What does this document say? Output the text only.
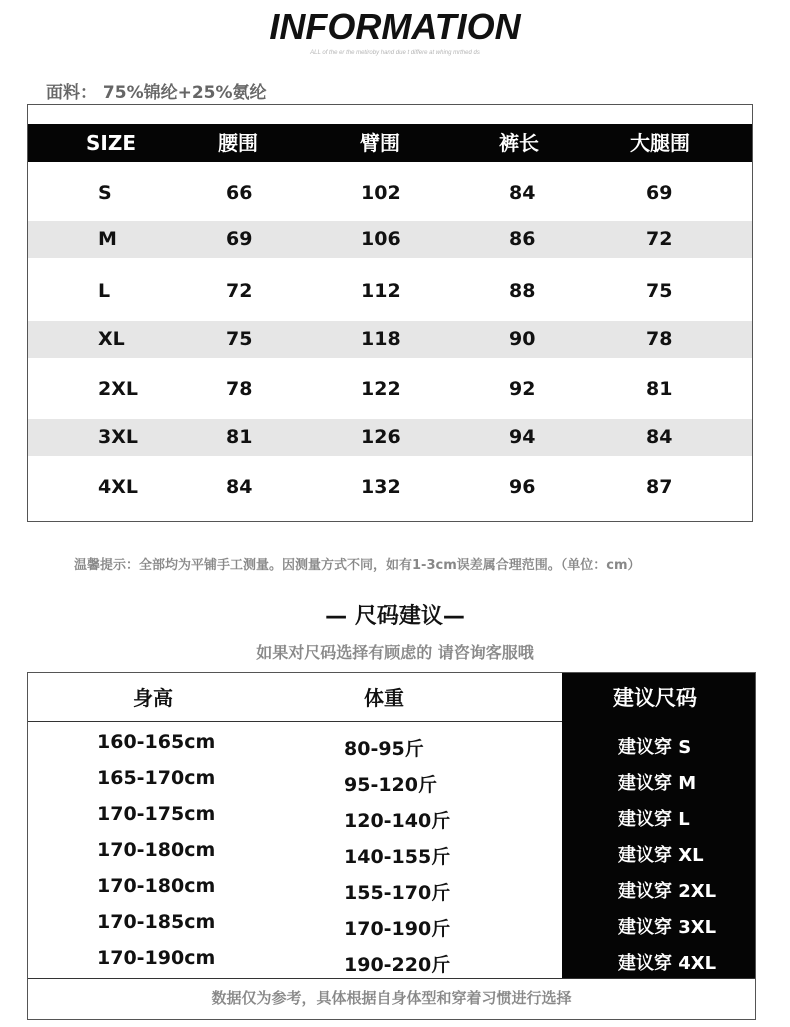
INFORMATION
ALL of the er the metiroby hand due t differe at whing mrthed ds
面料： 75%锦纶+25%氨纶
SIZE	腰围	臂围	裤长	大腿围
S	66	102	84	69
M	69	106	86	72
L	72	112	88	75
XL	75	118	90	78
2XL	78	122	92	81
3XL	81	126	94	84
4XL	84	132	96	87
温馨提示：全部均为平铺手工测量。因测量方式不同，如有1-3cm误差属合理范围。（单位：cm）
— 尺码建议—
如果对尺码选择有顾虑的 请咨询客服哦
身高	体重	建议尺码
160-165cm	80-95斤	建议穿 S
165-170cm	95-120斤	建议穿 M
170-175cm	120-140斤	建议穿 L
170-180cm	140-155斤	建议穿 XL
170-180cm	155-170斤	建议穿 2XL
170-185cm	170-190斤	建议穿 3XL
170-190cm	190-220斤	建议穿 4XL
数据仅为参考，具体根据自身体型和穿着习惯进行选择
